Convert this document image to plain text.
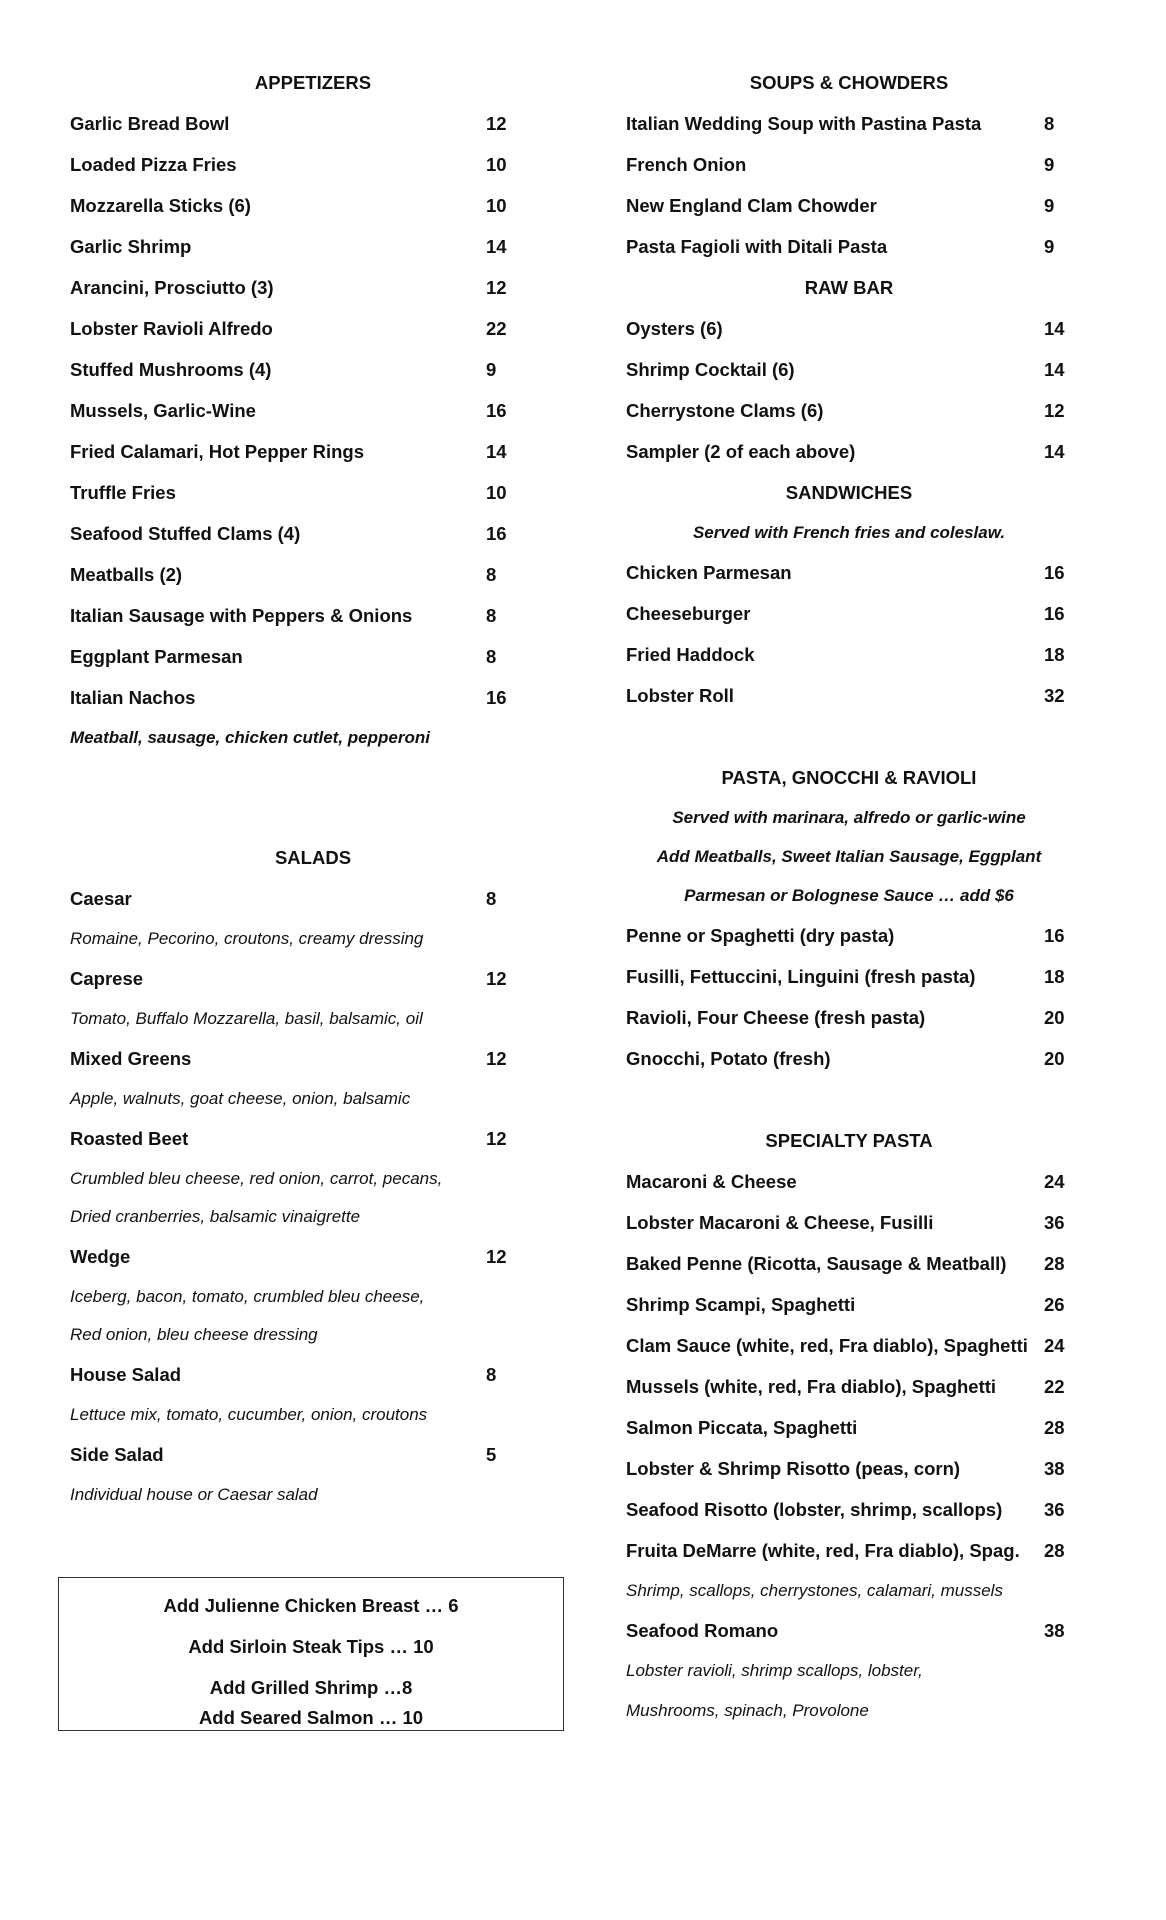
APPETIZERS
Garlic Bread Bowl	12
Loaded Pizza Fries	10
Mozzarella Sticks (6)	10
Garlic Shrimp	14
Arancini, Prosciutto (3)	12
Lobster Ravioli Alfredo	22
Stuffed Mushrooms (4)	9
Mussels, Garlic-Wine	16
Fried Calamari, Hot Pepper Rings	14
Truffle Fries	10
Seafood Stuffed Clams (4)	16
Meatballs (2)	8
Italian Sausage with Peppers & Onions	8
Eggplant Parmesan	8
Italian Nachos	16
Meatball, sausage, chicken cutlet, pepperoni
SALADS
Caesar	8
Romaine, Pecorino, croutons, creamy dressing
Caprese	12
Tomato, Buffalo Mozzarella, basil, balsamic, oil
Mixed Greens	12
Apple, walnuts, goat cheese, onion, balsamic
Roasted Beet	12
Crumbled bleu cheese, red onion, carrot, pecans,
Dried cranberries, balsamic vinaigrette
Wedge	12
Iceberg, bacon, tomato, crumbled bleu cheese,
Red onion, bleu cheese dressing
House Salad	8
Lettuce mix, tomato, cucumber, onion, croutons
Side Salad	5
Individual house or Caesar salad
Add Julienne Chicken Breast … 6
Add Sirloin Steak Tips … 10
Add Grilled Shrimp …8
Add Seared Salmon … 10
SOUPS & CHOWDERS
Italian Wedding Soup with Pastina Pasta	8
French Onion	9
New England Clam Chowder	9
Pasta Fagioli with Ditali Pasta	9
RAW BAR
Oysters (6)	14
Shrimp Cocktail (6)	14
Cherrystone Clams (6)	12
Sampler (2 of each above)	14
SANDWICHES
Served with French fries and coleslaw.
Chicken Parmesan	16
Cheeseburger	16
Fried Haddock	18
Lobster Roll	32
PASTA, GNOCCHI & RAVIOLI
Served with marinara, alfredo or garlic-wine
Add Meatballs, Sweet Italian Sausage, Eggplant
Parmesan or Bolognese Sauce … add $6
Penne or Spaghetti (dry pasta)	16
Fusilli, Fettuccini, Linguini (fresh pasta)	18
Ravioli, Four Cheese (fresh pasta)	20
Gnocchi, Potato (fresh)	20
SPECIALTY PASTA
Macaroni & Cheese	24
Lobster Macaroni & Cheese, Fusilli	36
Baked Penne (Ricotta, Sausage & Meatball) 28
Shrimp Scampi, Spaghetti	26
Clam Sauce (white, red, Fra diablo), Spaghetti 24
Mussels (white, red, Fra diablo), Spaghetti	22
Salmon Piccata, Spaghetti	28
Lobster & Shrimp Risotto (peas, corn)	38
Seafood Risotto (lobster, shrimp, scallops) 36
Fruita DeMarre (white, red, Fra diablo), Spag. 28
Shrimp, scallops, cherrystones, calamari, mussels
Seafood Romano	38
Lobster ravioli, shrimp scallops, lobster,
Mushrooms, spinach, Provolone
